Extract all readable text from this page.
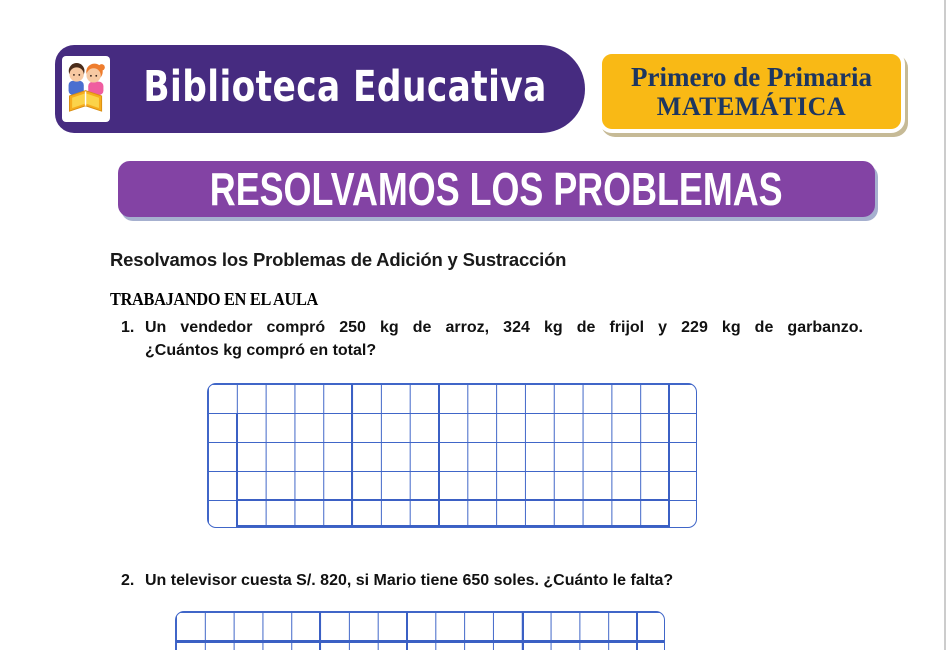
Biblioteca Educativa	Primero de Primaria
MATEMÁTICA
RESOLVAMOS LOS PROBLEMAS
Resolvamos los Problemas de Adición y Sustracción
TRABAJANDO EN EL AULA
1. Un vendedor compró 250 kg de arroz, 324 kg de frijol y 229 kg de garbanzo.
¿Cuántos kg compró en total?
2. Un televisor cuesta S/. 820, si Mario tiene 650 soles. ¿Cuánto le falta?
